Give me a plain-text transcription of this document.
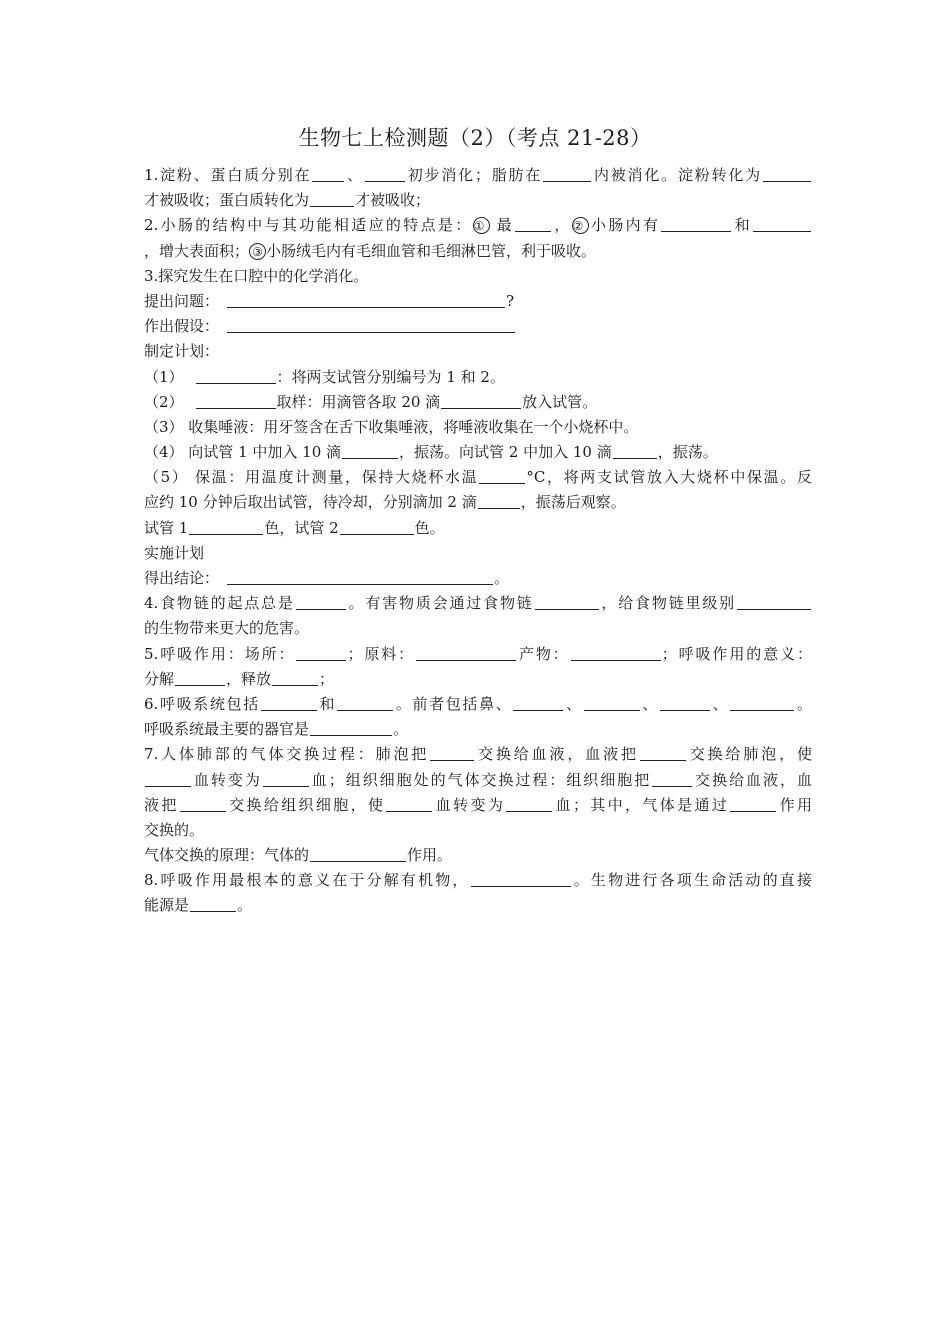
生物七上检测题（2）（考点 21-28）
1.淀粉、蛋白质分别在 、	初步消化；脂肪在	内被消化。淀粉转化为
才被吸收；蛋白质转化为	才被吸收；
2.小肠的结构中与其功能相适应的特点是：① 最	，② 小肠内有	和
，增大表面积； ③ 小肠绒毛内有毛细血管和毛细淋巴管，利于吸收。
3.探究发生在口腔中的化学消化。
提出问题：	?
作出假设：
制定计划：
（1）	：将两支试管分别编号为 1 和 2。
（2）	取样：用滴管各取 20 滴	放入试管。
（3） 收集唾液：用牙签含在舌下收集唾液，将唾液收集在一个小烧杯中。
（4） 向试管 1 中加入 10 滴	，振荡。向试管 2 中加入 10 滴	，振荡。
（5） 保温：用温度计测量，保持大烧杯水温	°C，将两支试管放入大烧杯中保温。反
应约 10 分钟后取出试管，待冷却，分别滴加 2 滴	，振荡后观察。
试管 1	色，试管 2	色。
实施计划
得出结论：	。
4.食物链的起点总是	。有害物质会通过食物链	，给食物链里级别
的生物带来更大的危害。
5.呼吸作用：场所：	；原料：	产物：	；呼吸作用的意义：
分解	，释放	；
6.呼吸系统包括	和	。前者包括鼻、	、	、	、	。
呼吸系统最主要的器官是	。
7.人体肺部的气体交换过程：肺泡把	交换给血液，血液把	交换给肺泡，使
血转变为	血；组织细胞处的气体交换过程：组织细胞把	交换给血液，血
液把	交换给组织细胞，使	血转变为	血；其中，气体是通过	作用
交换的。
气体交换的原理：气体的	作用。
8.呼吸作用最根本的意义在于分解有机物，	。生物进行各项生命活动的直接
能源是	。
